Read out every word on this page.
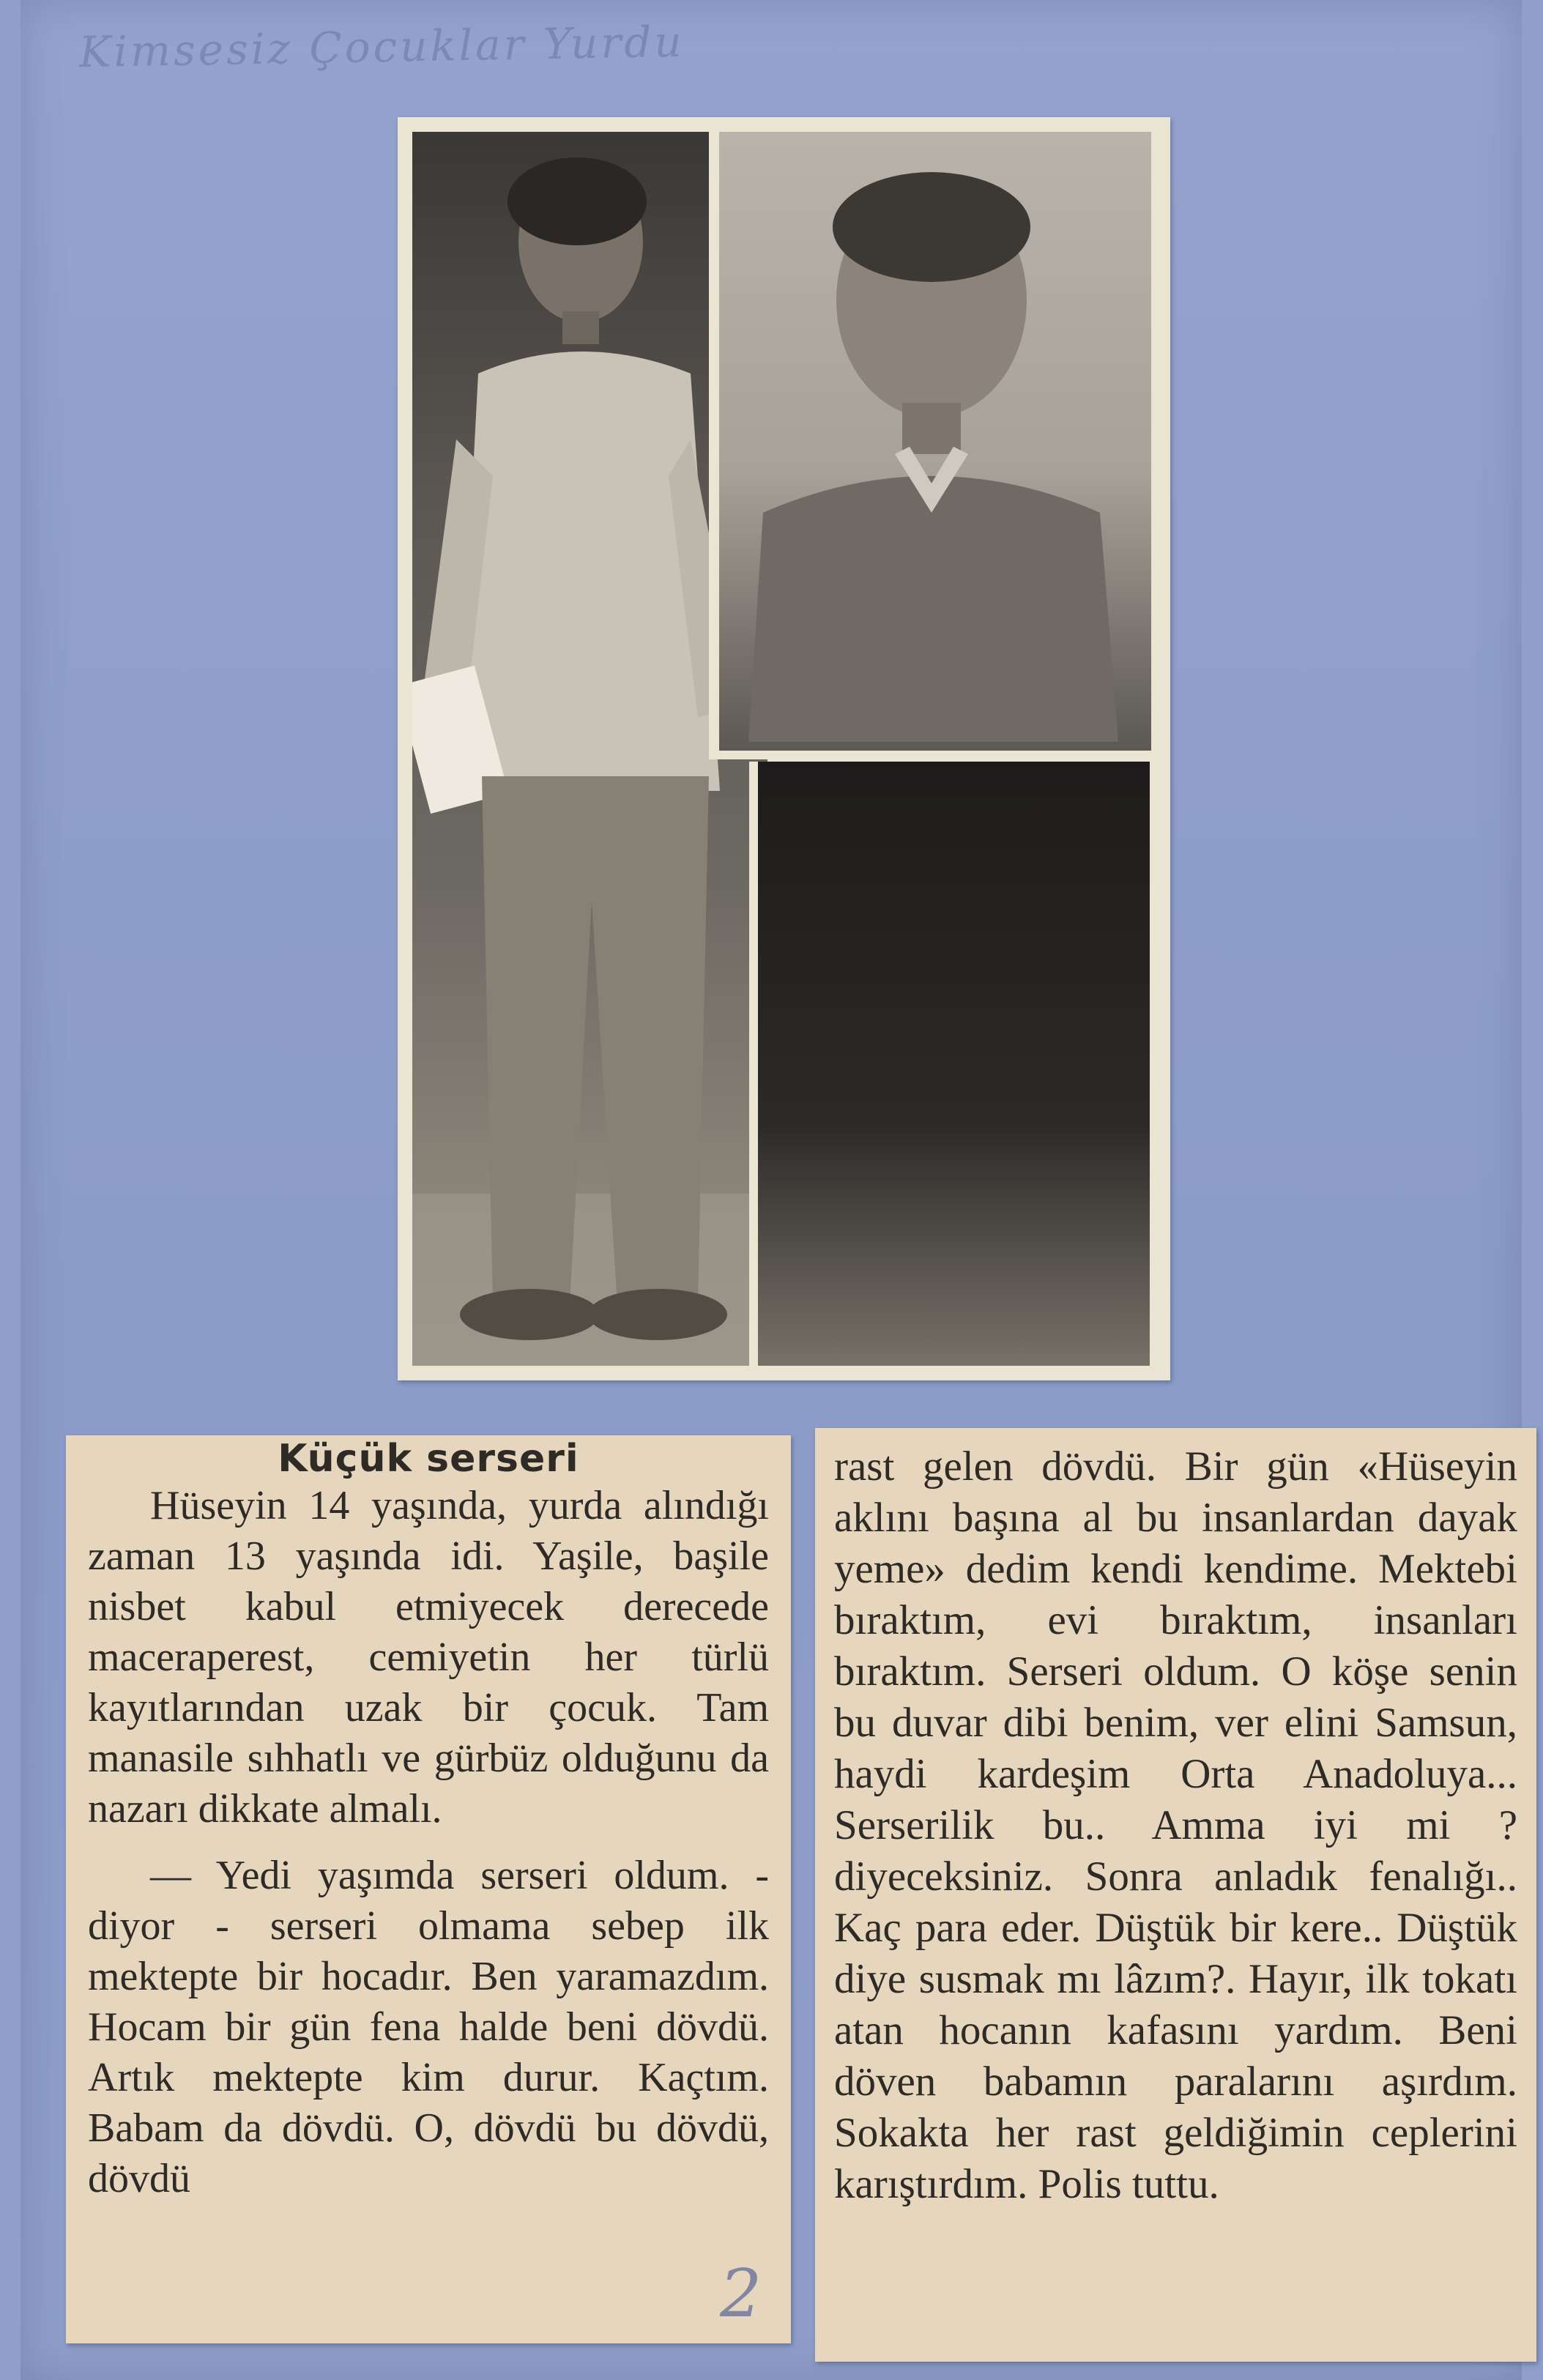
Kimsesiz Çocuklar Yurdu
Küçük serseri

Hüseyin 14 yaşında, yurda alındığı zaman 13 yaşında idi. Yaşile, başile nisbet kabul etmiyecek derecede maceraperest, cemiyetin her türlü kayıtlarından uzak bir çocuk. Tam manasile sıhhatlı ve gürbüz olduğunu da nazarı dikkate almalı.

— Yedi yaşımda serseri oldum. - diyor - serseri olmama sebep ilk mektepte bir hocadır. Ben yaramazdım. Hocam bir gün fena halde beni dövdü. Artık mektepte kim durur. Kaçtım. Babam da dövdü. O, dövdü bu dövdü, dövdü

rast gelen dövdü. Bir gün «Hüseyin aklını başına al bu insanlardan dayak yeme» dedim kendi kendime. Mektebi bıraktım, evi bıraktım, insanları bıraktım. Serseri oldum. O köşe senin bu duvar dibi benim, ver elini Samsun, haydi kardeşim Orta Anadoluya... Serserilik bu.. Amma iyi mi ? diyeceksiniz. Sonra anladık fenalığı.. Kaç para eder. Düştük bir kere.. Düştük diye susmak mı lâzım?. Hayır, ilk tokatı atan hocanın kafasını yardım. Beni döven babamın paralarını aşırdım. Sokakta her rast geldiğimin ceplerini karıştırdım. Polis tuttu.

2
